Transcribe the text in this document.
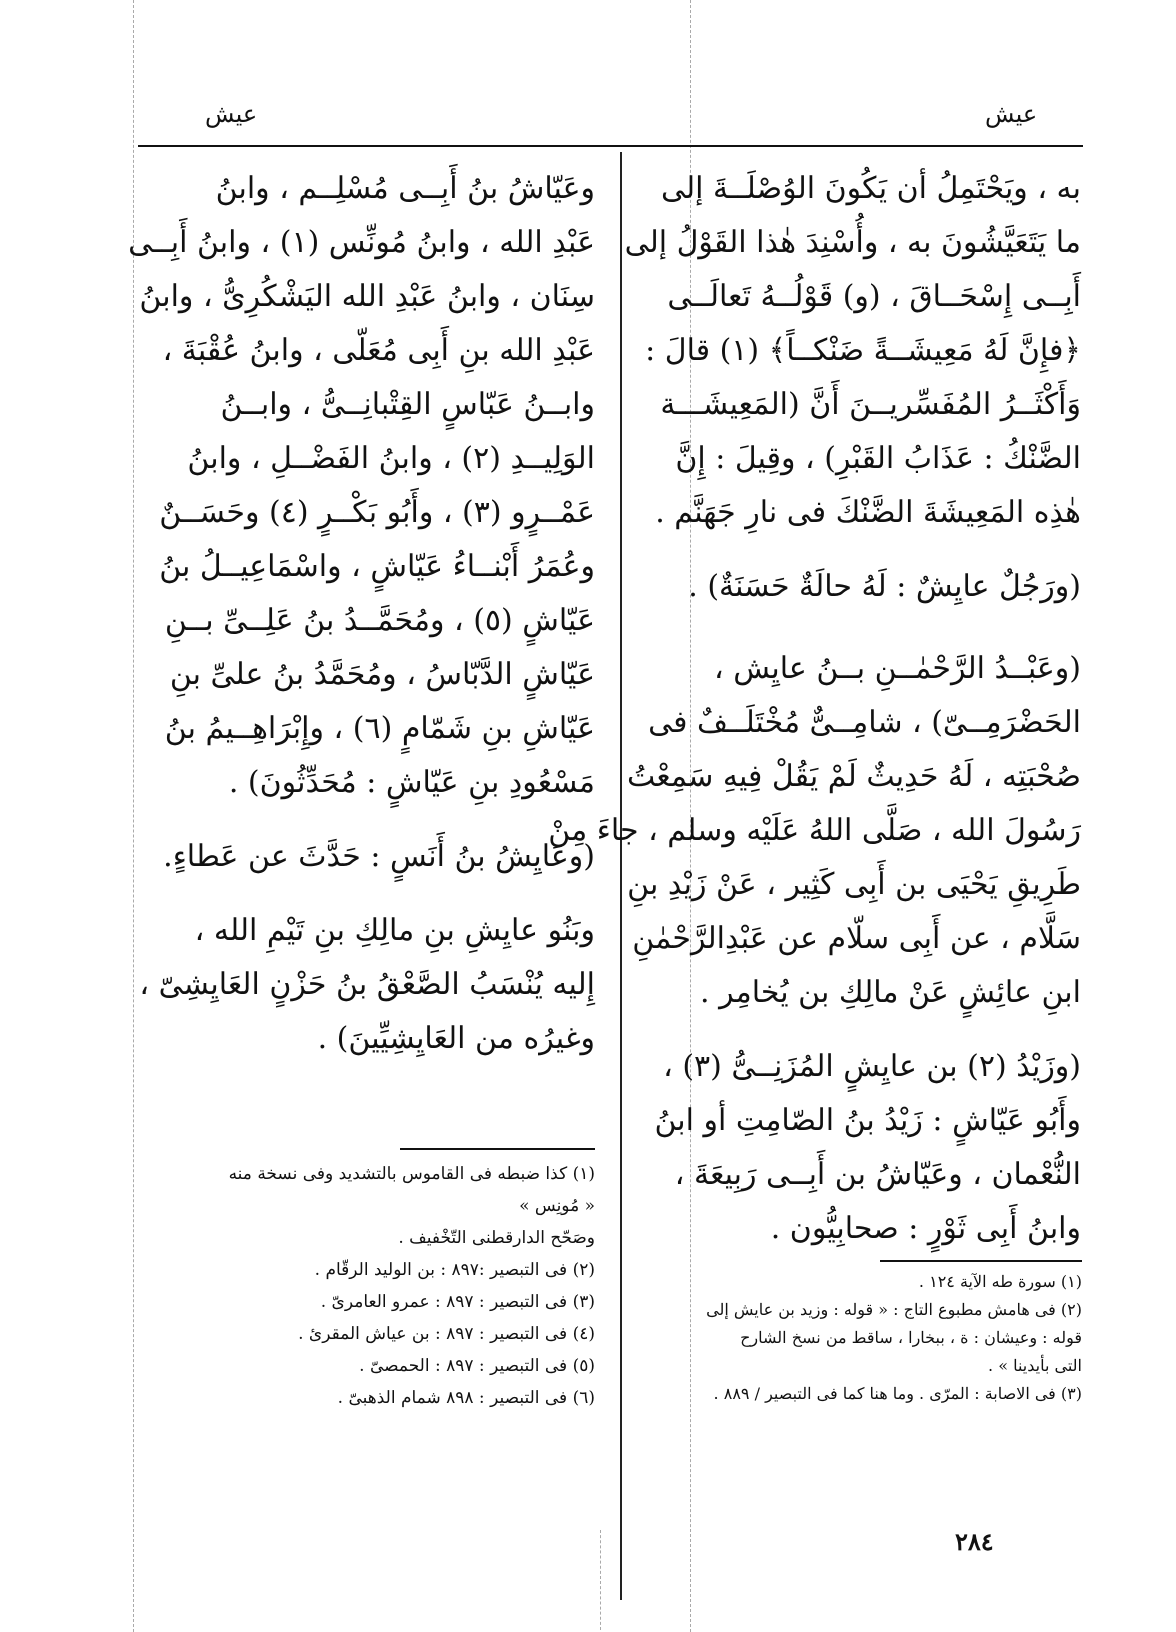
عيش
عيش
به ، ويَحْتَمِلُ أن يَكُونَ الوُصْلَــةَ إلى
ما يَتَعَيَّشُونَ به ، وأُسْنِدَ هٰذا القَوْلُ إلى
أَبِــى إِسْحَــاقَ ، (و) قَوْلُــهُ تَعالَــى
﴿فإِنَّ لَهُ مَعِيشَــةً ضَنْكــاً﴾ (١) قالَ :
وَأَكْثَــرُ المُفَسِّريــنَ أَنَّ (المَعِيشَـــة
الضَّنْكُ : عَذَابُ القَبْرِ) ، وقِيلَ : إِنَّ
هٰذِه المَعِيشَةَ الضَّنْكَ فى نارِ جَهَنَّم .
(ورَجُلٌ عايِشٌ : لَهُ حالَةٌ حَسَنَةٌ) .
(وعَبْــدُ الرَّحْمٰــنِ بــنُ عايِش ،
الحَضْرَمِــىّ) ، شامِــىٌّ مُخْتَلَــفٌ فى
صُحْبَتِه ، لَهُ حَدِيثٌ لَمْ يَقُلْ فِيهِ سَمِعْتُ
رَسُولَ الله ، صَلَّى اللهُ عَلَيْه وسلم ، جاءَ مِنْ
طَرِيقِ يَحْيَى بن أَبِى كَثِير ، عَنْ زَيْدِ بنِ
سَلَّام ، عن أَبِى سلّام عن عَبْدِالرَّحْمٰنِ
ابنِ عائِشٍ عَنْ مالِكِ بن يُخامِر .
(وزَيْدُ (٢) بن عايِشٍ المُزَنِــىُّ (٣) ،
وأَبُو عَيّاشٍ : زَيْدُ بنُ الصّامِتِ أو ابنُ
النُّعْمان ، وعَيّاشُ بن أَبِــى رَبِيعَةَ ،
وابنُ أَبِى ثَوْرٍ : صحابِيُّون .
وعَيّاشُ بنُ أَبِــى مُسْلِــم ، وابنُ
عَبْدِ الله ، وابنُ مُونِّس (١) ، وابنُ أَبِــى
سِنَان ، وابنُ عَبْدِ الله اليَشْكُرِىُّ ، وابنُ
عَبْدِ الله بنِ أَبِى مُعَلّى ، وابنُ عُقْبَةَ ،
وابــنُ عَبّاسٍ القِتْبانِــىُّ ، وابــنُ
الوَلِيــدِ (٢) ، وابنُ الفَضْــلِ ، وابنُ
عَمْــرٍو (٣) ، وأَبُو بَكْــرٍ (٤) وحَسَــنٌ
وعُمَرُ أَبْنــاءُ عَيّاشٍ ، واسْمَاعِيــلُ بنُ
عَيّاشٍ (٥) ، ومُحَمَّــدُ بنُ عَلِــىِّ بــنِ
عَيّاشٍ الدَّبّاسُ ، ومُحَمَّدُ بنُ علىِّ بنِ
عَيّاشِ بنِ شَمّامٍ (٦) ، وإِبْرَاهِــيمُ بنُ
مَسْعُودِ بنِ عَيّاشٍ : مُحَدِّثُونَ) .
(وعَايِشُ بنُ أَنَسٍ : حَدَّثَ عن عَطاءٍ.
وبَنُو عايِشِ بنِ مالِكِ بنِ تَيْمِ الله ،
إِليه يُنْسَبُ الصَّعْقُ بنُ حَزْنٍ العَايِشِىّ ،
وغيرُه من العَايِشِيِّينَ) .
(١) سورة طه الآية ١٢٤ .
(٢) فى هامش مطبوع التاج : « قوله : وزيد بن عايش إلى
قوله : وعيشان : ة ، ببخارا ، ساقط من نسخ الشارح
التى بأيدينا » .
(٣) فى الاصابة : المرّى . وما هنا كما فى التبصير / ٨٨٩ .
(١) كذا ضبطه فى القاموس بالتشديد وفى نسخة منه
« مُونِس »
وصَحّح الدارقطنى التّخْفيف .
(٢) فى التبصير :٨٩٧ : بن الوليد الرقّام .
(٣) فى التبصير : ٨٩٧ : عمرو العامرىّ .
(٤) فى التبصير : ٨٩٧ : بن عياش المقرئ .
(٥) فى التبصير : ٨٩٧ : الحمصىّ .
(٦) فى التبصير : ٨٩٨ شمام الذهبىّ .
٢٨٤
